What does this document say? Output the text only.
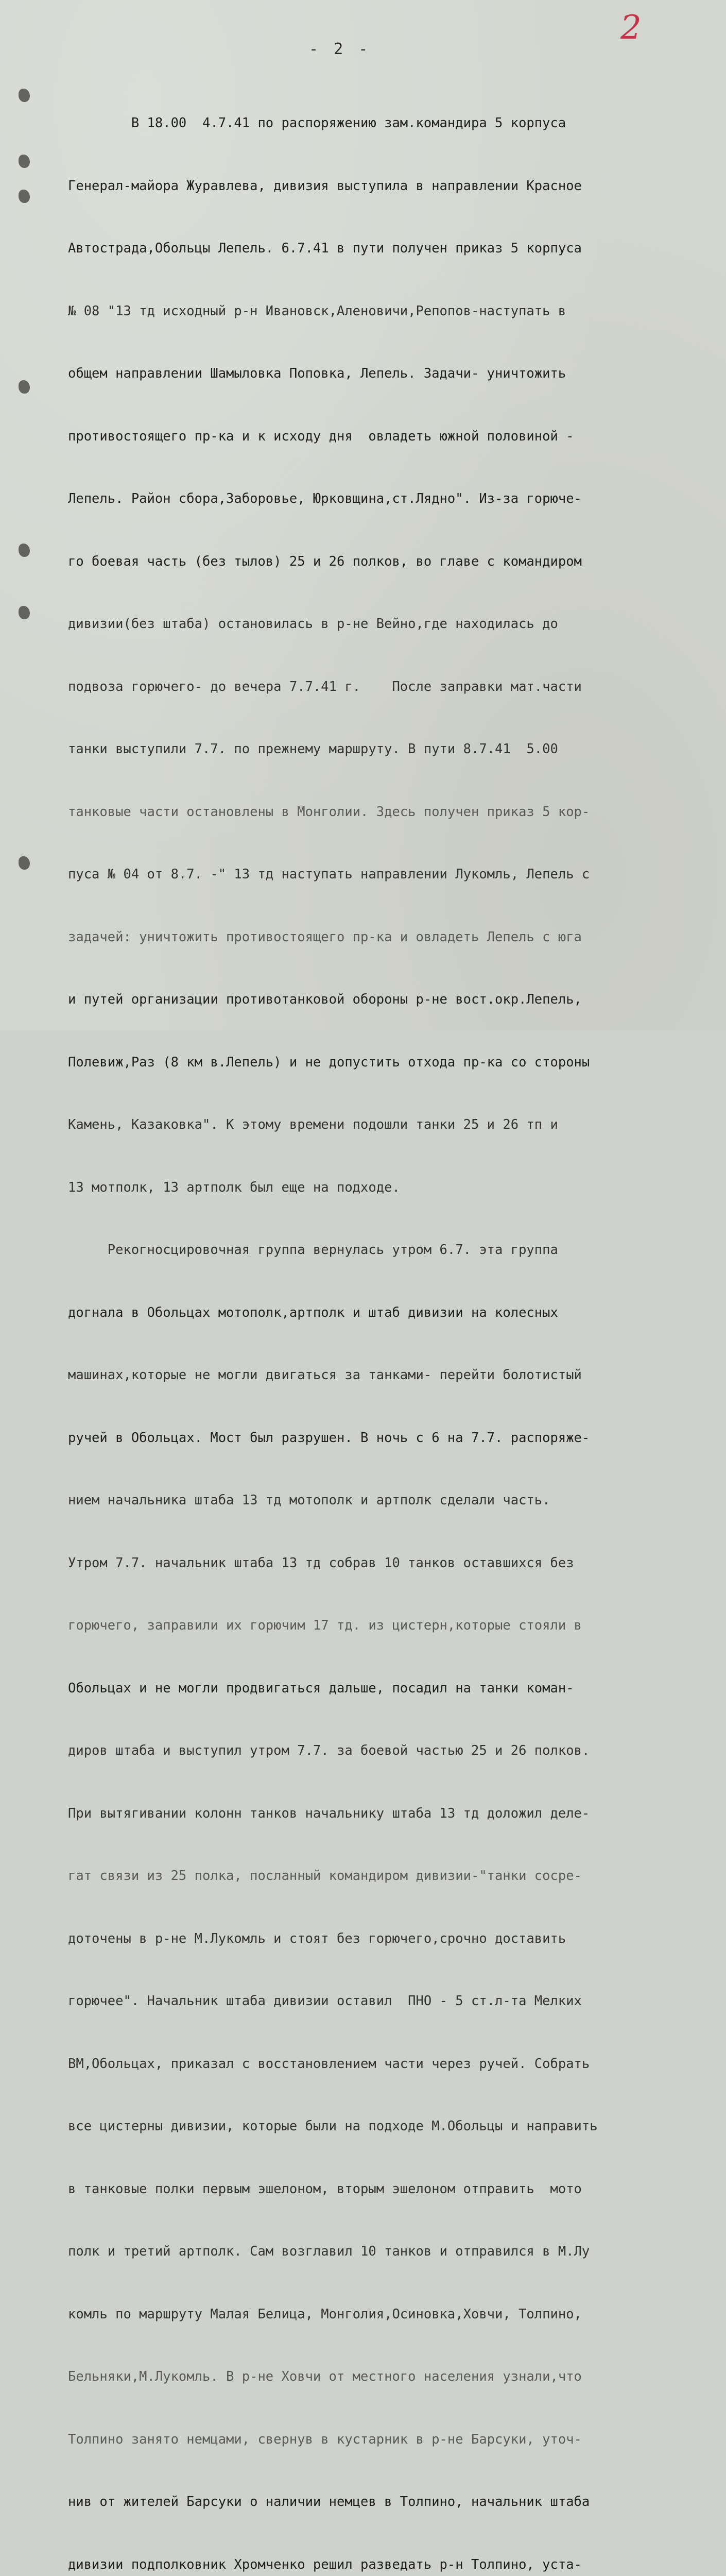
2
- 2 -

В 18.00  4.7.41 по распоряжению зам.командира 5 корпуса

Генерал-майора Журавлева, дивизия выступила в направлении Красное

Автострада,Обольцы Лепель. 6.7.41 в пути получен приказ 5 корпуса

№ 08 "13 тд исходный р-н Ивановск,Аленовичи,Репопов-наступать в

общем направлении Шамыловка Поповка, Лепель. Задачи- уничтожить

противостоящего пр-ка и к исходу дня  овладеть южной половиной -

Лепель. Район сбора,Заборовье, Юрковщина,ст.Лядно". Из-за горюче-

го боевая часть (без тылов) 25 и 26 полков, во главе с командиром

дивизии(без штаба) остановилась в р-не Вейно,где находилась до

подвоза горючего- до вечера 7.7.41 г.    После заправки мат.части

танки выступили 7.7. по прежнему маршруту. В пути 8.7.41  5.00

танковые части остановлены в Монголии. Здесь получен приказ 5 кор-

пуса № 04 от 8.7. -" 13 тд наступать направлении Лукомль, Лепель с

задачей: уничтожить противостоящего пр-ка и овладеть Лепель с юга

и путей организации противотанковой обороны р-не вост.окр.Лепель,

Полевиж,Раз (8 км в.Лепель) и не допустить отхода пр-ка со стороны

Камень, Казаковка". К этому времени подошли танки 25 и 26 тп и

13 мотполк, 13 артполк был еще на подходе.

Рекогносцировочная группа вернулась утром 6.7. эта группа

догнала в Обольцах мотополк,артполк и штаб дивизии на колесных

машинах,которые не могли двигаться за танками- перейти болотистый

ручей в Обольцах. Мост был разрушен. В ночь с 6 на 7.7. распоряже-

нием начальника штаба 13 тд мотополк и артполк сделали часть.

Утром 7.7. начальник штаба 13 тд собрав 10 танков оставшихся без

горючего, заправили их горючим 17 тд. из цистерн,которые стояли в

Обольцах и не могли продвигаться дальше, посадил на танки коман-

диров штаба и выступил утром 7.7. за боевой частью 25 и 26 полков.

При вытягивании колонн танков начальнику штаба 13 тд доложил деле-

гат связи из 25 полка, посланный командиром дивизии-"танки сосре-

доточены в р-не М.Лукомль и стоят без горючего,срочно доставить

горючее". Начальник штаба дивизии оставил  ПНО - 5 ст.л-та Мелких

ВМ,Обольцах, приказал с восстановлением части через ручей. Собрать

все цистерны дивизии, которые были на подходе М.Обольцы и направить

в танковые полки первым эшелоном, вторым эшелоном отправить  мото

полк и третий артполк. Сам возглавил 10 танков и отправился в М.Лу

комль по маршруту Малая Белица, Монголия,Осиновка,Ховчи, Толпино,

Бельняки,М.Лукомль. В р-не Ховчи от местного населения узнали,что

Толпино занято немцами, свернув в кустарник в р-не Барсуки, уточ-

нив от жителей Барсуки о наличии немцев в Толпино, начальник штаба

дивизии подполковник Хромченко решил разведать р-н Толпино, уста-
